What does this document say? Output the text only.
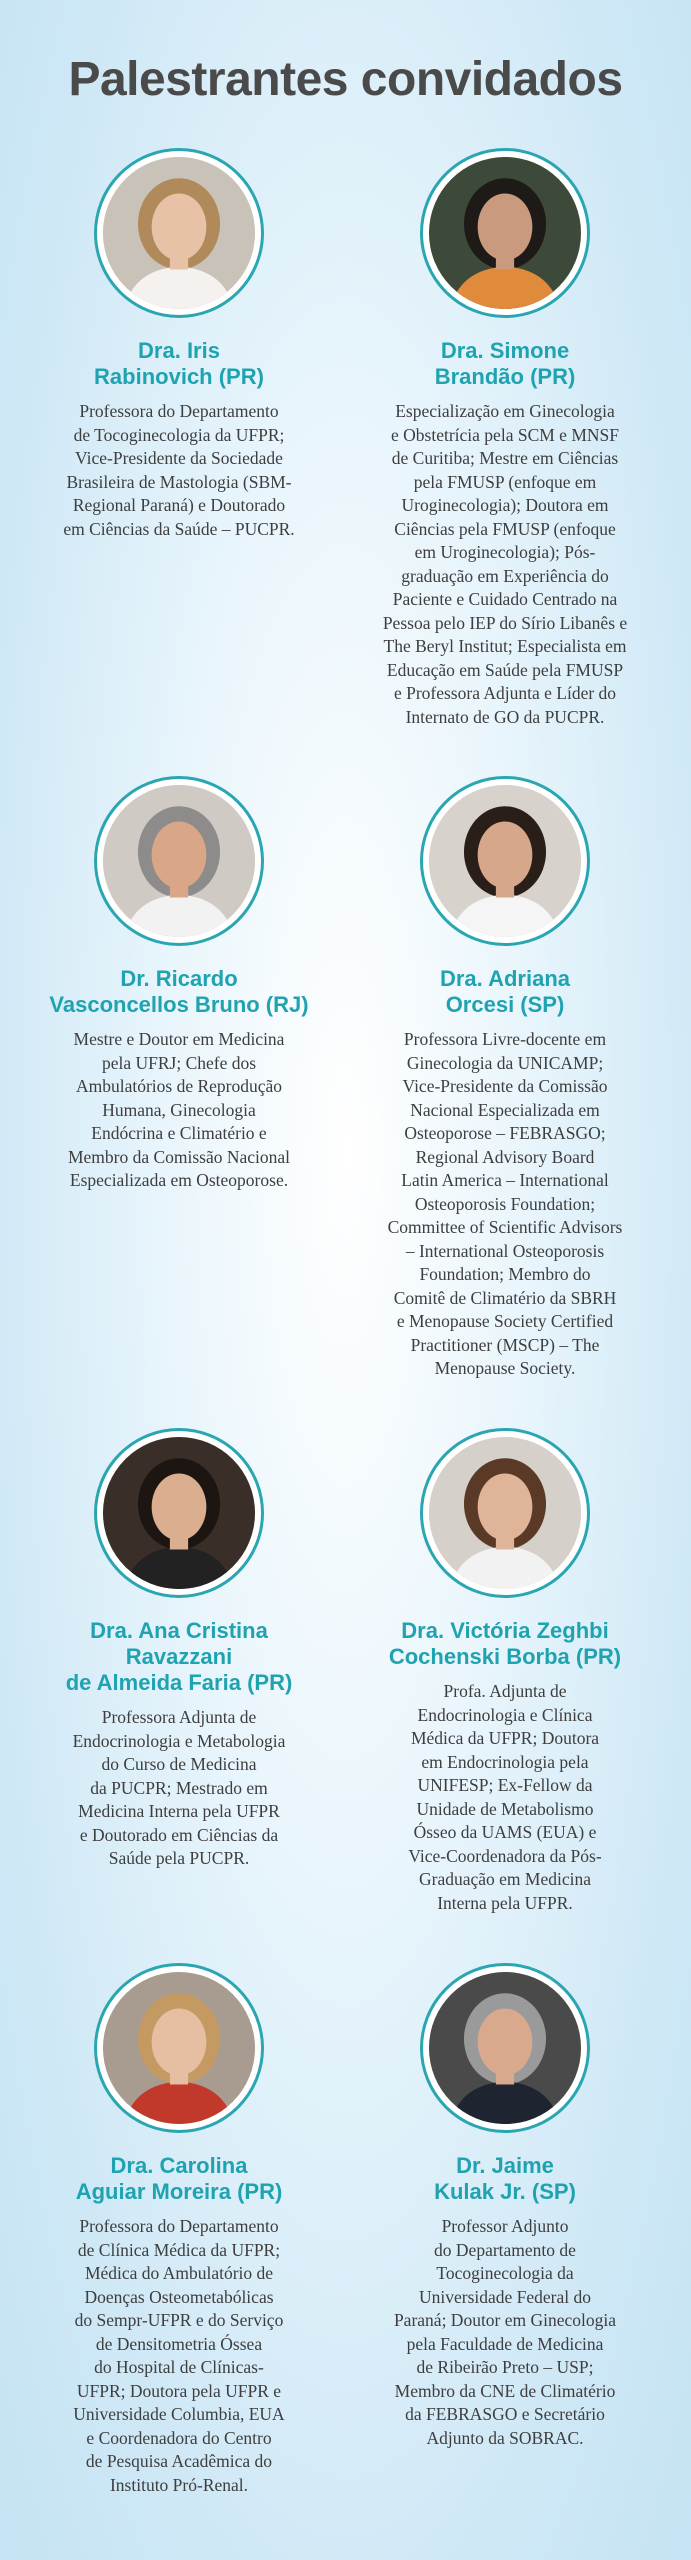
Palestrantes convidados
Dra. Iris
Rabinovich (PR)

Professora do Departamento
de Tocoginecologia da UFPR;
Vice-Presidente da Sociedade
Brasileira de Mastologia (SBM-
Regional Paraná) e Doutorado
em Ciências da Saúde – PUCPR.

Dra. Simone
Brandão (PR)

Especialização em Ginecologia
e Obstetrícia pela SCM e MNSF
de Curitiba; Mestre em Ciências
pela FMUSP (enfoque em
Uroginecologia); Doutora em
Ciências pela FMUSP (enfoque
em Uroginecologia); Pós-
graduação em Experiência do
Paciente e Cuidado Centrado na
Pessoa pelo IEP do Sírio Libanês e
The Beryl Institut; Especialista em
Educação em Saúde pela FMUSP
e Professora Adjunta e Líder do
Internato de GO da PUCPR.

Dr. Ricardo
Vasconcellos Bruno (RJ)

Mestre e Doutor em Medicina
pela UFRJ; Chefe dos
Ambulatórios de Reprodução
Humana, Ginecologia
Endócrina e Climatério e
Membro da Comissão Nacional
Especializada em Osteoporose.

Dra. Adriana
Orcesi (SP)

Professora Livre-docente em
Ginecologia da UNICAMP;
Vice-Presidente da Comissão
Nacional Especializada em
Osteoporose – FEBRASGO;
Regional Advisory Board
Latin America – International
Osteoporosis Foundation;
Committee of Scientific Advisors
– International Osteoporosis
Foundation; Membro do
Comitê de Climatério da SBRH
e Menopause Society Certified
Practitioner (MSCP) – The
Menopause Society.

Dra. Ana Cristina Ravazzani
de Almeida Faria (PR)

Professora Adjunta de
Endocrinologia e Metabologia
do Curso de Medicina
da PUCPR; Mestrado em
Medicina Interna pela UFPR
e Doutorado em Ciências da
Saúde pela PUCPR.

Dra. Victória Zeghbi
Cochenski Borba (PR)

Profa. Adjunta de
Endocrinologia e Clínica
Médica da UFPR; Doutora
em Endocrinologia pela
UNIFESP; Ex-Fellow da
Unidade de Metabolismo
Ósseo da UAMS (EUA) e
Vice-Coordenadora da Pós-
Graduação em Medicina
Interna pela UFPR.

Dra. Carolina
Aguiar Moreira (PR)

Professora do Departamento
de Clínica Médica da UFPR;
Médica do Ambulatório de
Doenças Osteometabólicas
do Sempr-UFPR e do Serviço
de Densitometria Óssea
do Hospital de Clínicas-
UFPR; Doutora pela UFPR e
Universidade Columbia, EUA
e Coordenadora do Centro
de Pesquisa Acadêmica do
Instituto Pró-Renal.

Dr. Jaime
Kulak Jr. (SP)

Professor Adjunto
do Departamento de
Tocoginecologia da
Universidade Federal do
Paraná; Doutor em Ginecologia
pela Faculdade de Medicina
de Ribeirão Preto – USP;
Membro da CNE de Climatério
da FEBRASGO e Secretário
Adjunto da SOBRAC.
